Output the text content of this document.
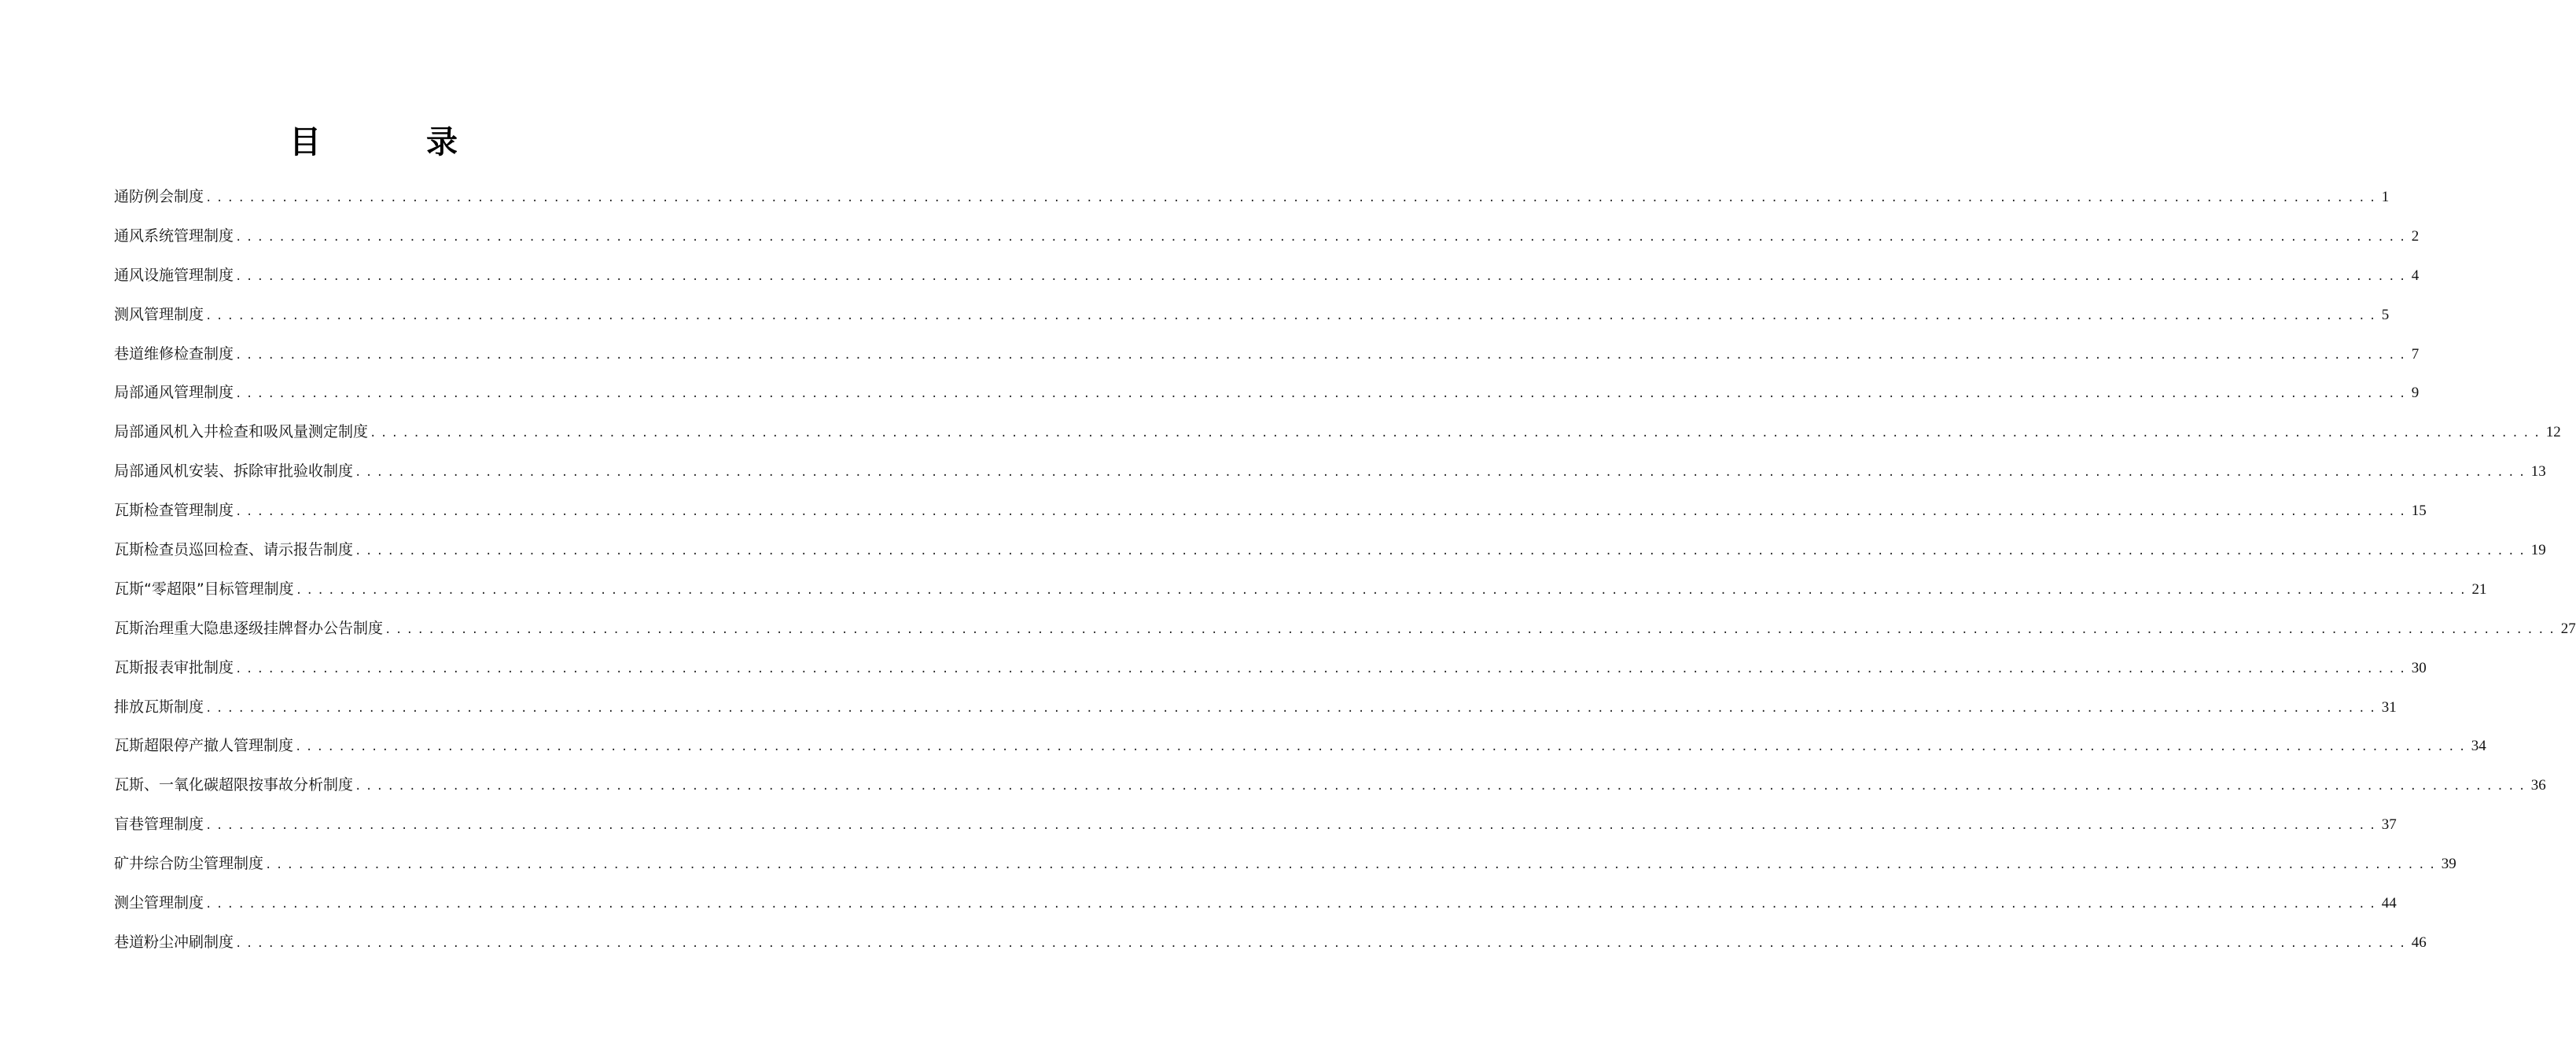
目 录
通防例会制度 ........................................................................................................................................................................................................ 1
通风系统管理制度 ........................................................................................................................................................................................................ 2
通风设施管理制度 ........................................................................................................................................................................................................ 4
测风管理制度 ........................................................................................................................................................................................................ 5
巷道维修检查制度 ........................................................................................................................................................................................................ 7
局部通风管理制度 ........................................................................................................................................................................................................ 9
局部通风机入井检查和吸风量测定制度 ........................................................................................................................................................................................................ 12
局部通风机安装、拆除审批验收制度 ........................................................................................................................................................................................................ 13
瓦斯检查管理制度 ........................................................................................................................................................................................................ 15
瓦斯检查员巡回检查、请示报告制度 ........................................................................................................................................................................................................ 19
瓦斯“零超限”目标管理制度 ........................................................................................................................................................................................................ 21
瓦斯治理重大隐患逐级挂牌督办公告制度 ........................................................................................................................................................................................................ 27
瓦斯报表审批制度 ........................................................................................................................................................................................................ 30
排放瓦斯制度 ........................................................................................................................................................................................................ 31
瓦斯超限停产撤人管理制度 ........................................................................................................................................................................................................ 34
瓦斯、一氧化碳超限按事故分析制度 ........................................................................................................................................................................................................ 36
盲巷管理制度 ........................................................................................................................................................................................................ 37
矿井综合防尘管理制度 ........................................................................................................................................................................................................ 39
测尘管理制度 ........................................................................................................................................................................................................ 44
巷道粉尘冲刷制度 ........................................................................................................................................................................................................ 46
